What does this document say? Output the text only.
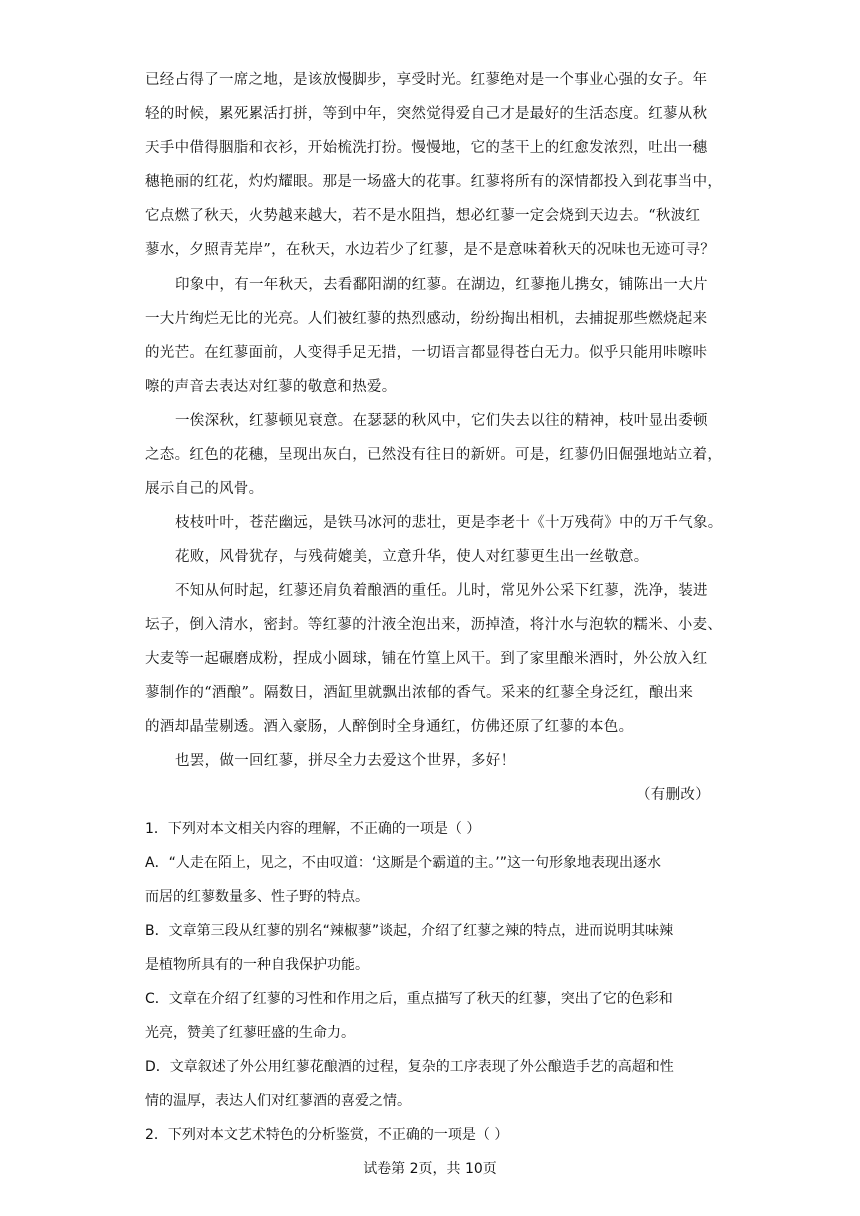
已经占得了一席之地，是该放慢脚步，享受时光。红蓼绝对是一个事业心强的女子。年
轻的时候，累死累活打拼，等到中年，突然觉得爱自己才是最好的生活态度。红蓼从秋
天手中借得胭脂和衣衫，开始梳洗打扮。慢慢地，它的茎干上的红愈发浓烈，吐出一穗
穗艳丽的红花，灼灼耀眼。那是一场盛大的花事。红蓼将所有的深情都投入到花事当中，
它点燃了秋天，火势越来越大，若不是水阻挡，想必红蓼一定会烧到天边去。“秋波红
蓼水，夕照青芜岸”，在秋天，水边若少了红蓼，是不是意味着秋天的况味也无迹可寻？
印象中，有一年秋天，去看鄱阳湖的红蓼。在湖边，红蓼拖儿携女，铺陈出一大片
一大片绚烂无比的光亮。人们被红蓼的热烈感动，纷纷掏出相机，去捕捉那些燃烧起来
的光芒。在红蓼面前，人变得手足无措，一切语言都显得苍白无力。似乎只能用咔嚓咔
嚓的声音去表达对红蓼的敬意和热爱。
一俟深秋，红蓼顿见衰意。在瑟瑟的秋风中，它们失去以往的精神，枝叶显出委顿
之态。红色的花穗，呈现出灰白，已然没有往日的新妍。可是，红蓼仍旧倔强地站立着，
展示自己的风骨。
枝枝叶叶，苍茫幽远，是铁马冰河的悲壮，更是李老十《十万残荷》中的万千气象。
花败，风骨犹存，与残荷媲美，立意升华，使人对红蓼更生出一丝敬意。
不知从何时起，红蓼还肩负着酿酒的重任。儿时，常见外公采下红蓼，洗净，装进
坛子，倒入清水，密封。等红蓼的汁液全泡出来，沥掉渣，将汁水与泡软的糯米、小麦、
大麦等一起碾磨成粉，捏成小圆球，铺在竹篁上风干。到了家里酿米酒时，外公放入红
蓼制作的“酒酿”。隔数日，酒缸里就飘出浓郁的香气。采来的红蓼全身泛红，酿出来
的酒却晶莹剔透。酒入豪肠，人醉倒时全身通红，仿佛还原了红蓼的本色。
也罢，做一回红蓼，拼尽全力去爱这个世界，多好！
（有删改）
1．下列对本文相关内容的理解，不正确的一项是（ ）
A．“人走在陌上，见之，不由叹道：‘这厮是个霸道的主。’”这一句形象地表现出逐水
而居的红蓼数量多、性子野的特点。
B．文章第三段从红蓼的别名“辣椒蓼”谈起，介绍了红蓼之辣的特点，进而说明其味辣
是植物所具有的一种自我保护功能。
C．文章在介绍了红蓼的习性和作用之后，重点描写了秋天的红蓼，突出了它的色彩和
光亮，赞美了红蓼旺盛的生命力。
D．文章叙述了外公用红蓼花酿酒的过程，复杂的工序表现了外公酿造手艺的高超和性
情的温厚，表达人们对红蓼酒的喜爱之情。
2．下列对本文艺术特色的分析鉴赏，不正确的一项是（ ）
试卷第 2页，共 10页
